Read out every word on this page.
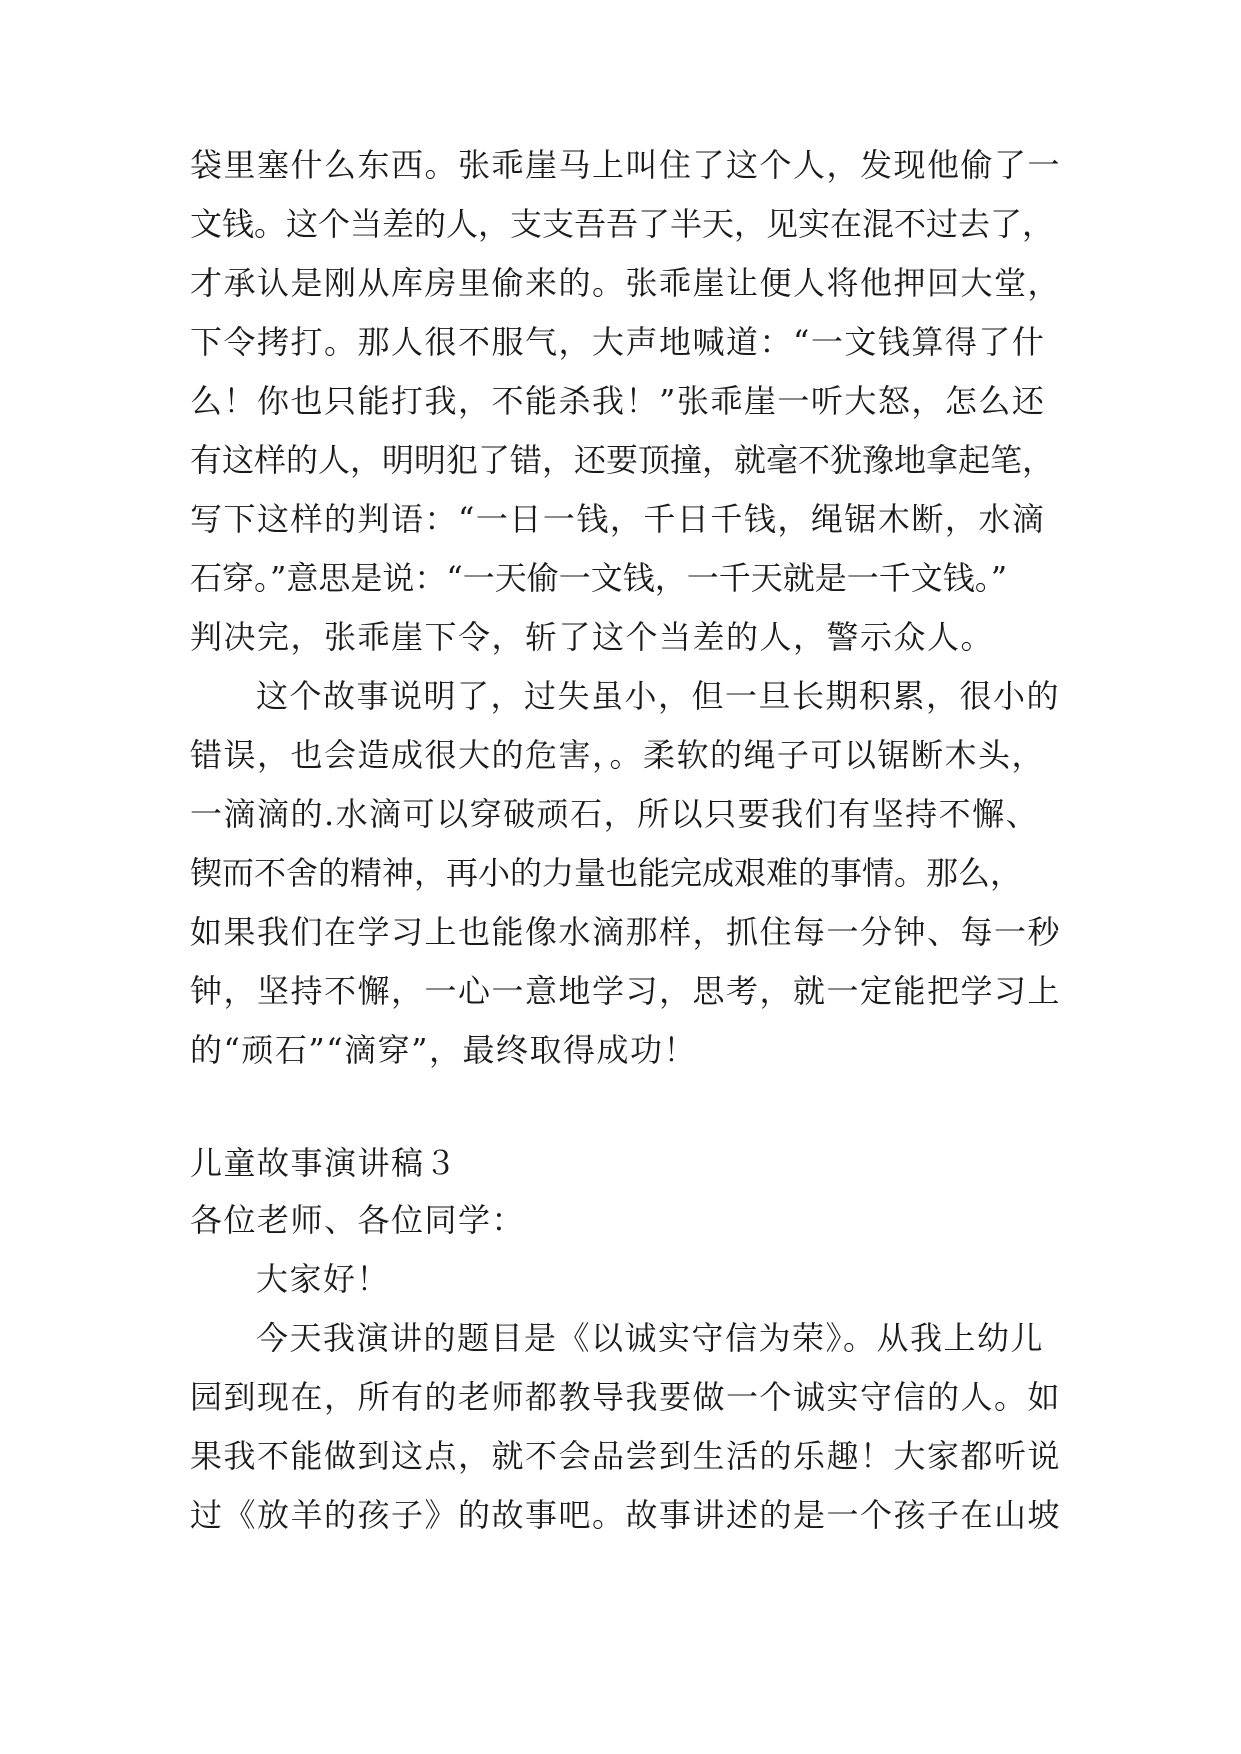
袋里塞什么东西。张乖崖马上叫住了这个人，发现他偷了一
文钱。这个当差的人，支支吾吾了半天，见实在混不过去了，
才承认是刚从库房里偷来的。张乖崖让便人将他押回大堂，
下令拷打。那人很不服气，大声地喊道：“一文钱算得了什
么！你也只能打我，不能杀我！”张乖崖一听大怒，怎么还
有这样的人，明明犯了错，还要顶撞，就毫不犹豫地拿起笔，
写下这样的判语：“一日一钱，千日千钱，绳锯木断，水滴
石穿。”意思是说：“一天偷一文钱，一千天就是一千文钱。”
判决完，张乖崖下令，斩了这个当差的人，警示众人。
这个故事说明了，过失虽小，但一旦长期积累，很小的
错误，也会造成很大的危害，。柔软的绳子可以锯断木头，
一滴滴的.水滴可以穿破顽石，所以只要我们有坚持不懈、
锲而不舍的精神，再小的力量也能完成艰难的事情。那么，
如果我们在学习上也能像水滴那样，抓住每一分钟、每一秒
钟，坚持不懈，一心一意地学习，思考，就一定能把学习上
的“顽石”“滴穿”，最终取得成功！
儿童故事演讲稿３
各位老师、各位同学：
大家好！
今天我演讲的题目是《以诚实守信为荣》。从我上幼儿
园到现在，所有的老师都教导我要做一个诚实守信的人。如
果我不能做到这点，就不会品尝到生活的乐趣！大家都听说
过《放羊的孩子》的故事吧。故事讲述的是一个孩子在山坡
